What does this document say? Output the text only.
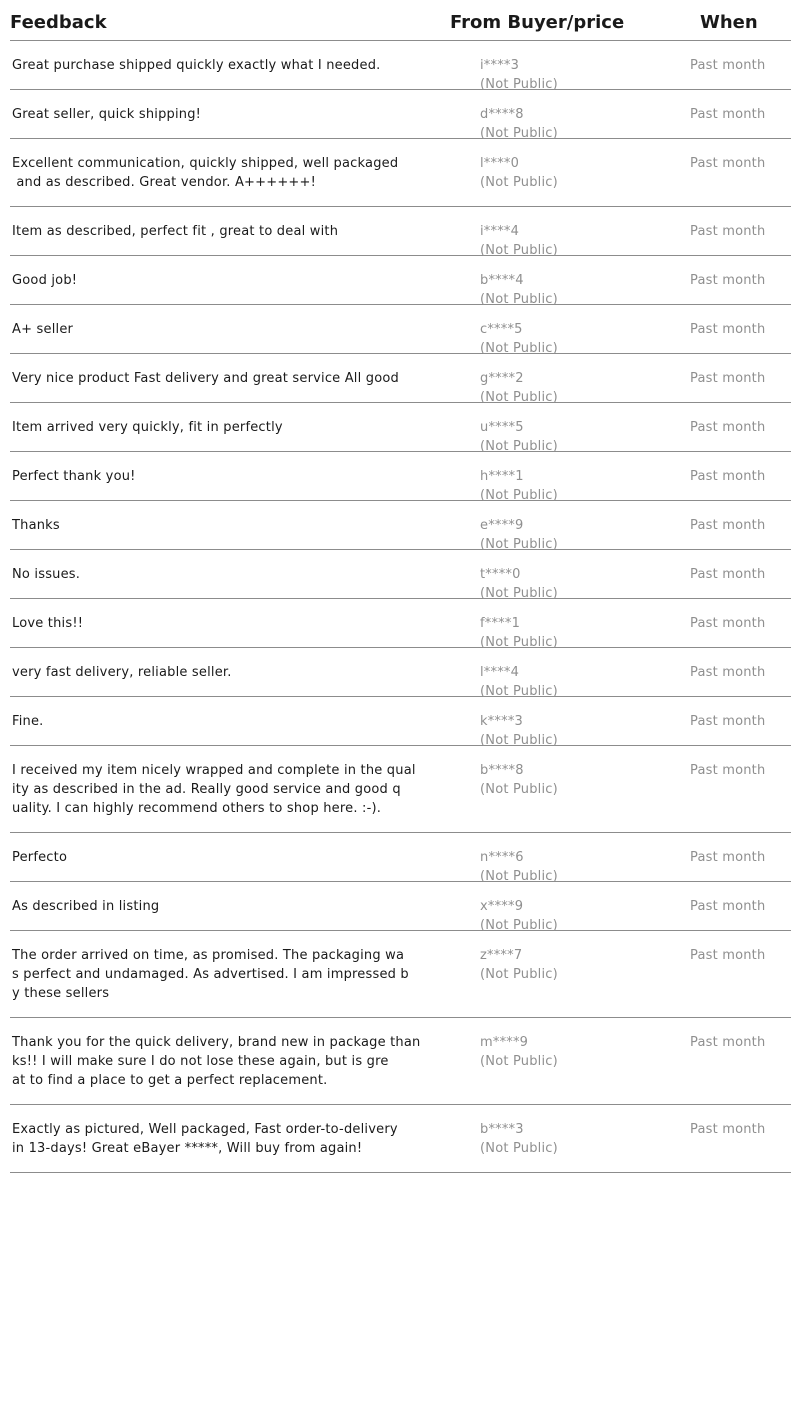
Feedback	From Buyer/price	When
Great purchase shipped quickly exactly what I needed.	i****3
(Not Public)
Past month
Great seller, quick shipping!	d****8
(Not Public)
Past month
Excellent communication, quickly shipped, well packaged
and as described. Great vendor. A++++++!
l****0
(Not Public)
Past month
Item as described, perfect fit , great to deal with	i****4
(Not Public)
Past month
Good job!	b****4
(Not Public)
Past month
A+ seller	c****5
(Not Public)
Past month
Very nice product Fast delivery and great service All good	g****2
(Not Public)
Past month
Item arrived very quickly, fit in perfectly	u****5
(Not Public)
Past month
Perfect thank you!	h****1
(Not Public)
Past month
Thanks	e****9
(Not Public)
Past month
No issues.	t****0
(Not Public)
Past month
Love this!!	f****1
(Not Public)
Past month
very fast delivery, reliable seller.	l****4
(Not Public)
Past month
Fine.	k****3
(Not Public)
Past month
I received my item nicely wrapped and complete in the qual
ity as described in the ad. Really good service and good q
uality. I can highly recommend others to shop here. :-).
b****8
(Not Public)
Past month
Perfecto	n****6
(Not Public)
Past month
As described in listing	x****9
(Not Public)
Past month
The order arrived on time, as promised. The packaging wa
s perfect and undamaged. As advertised. I am impressed b
y these sellers
z****7
(Not Public)
Past month
Thank you for the quick delivery, brand new in package than
ks!! I will make sure I do not lose these again, but is gre
at to find a place to get a perfect replacement.
m****9
(Not Public)
Past month
Exactly as pictured, Well packaged, Fast order-to-delivery
in 13-days! Great eBayer *****, Will buy from again!
b****3
(Not Public)
Past month
